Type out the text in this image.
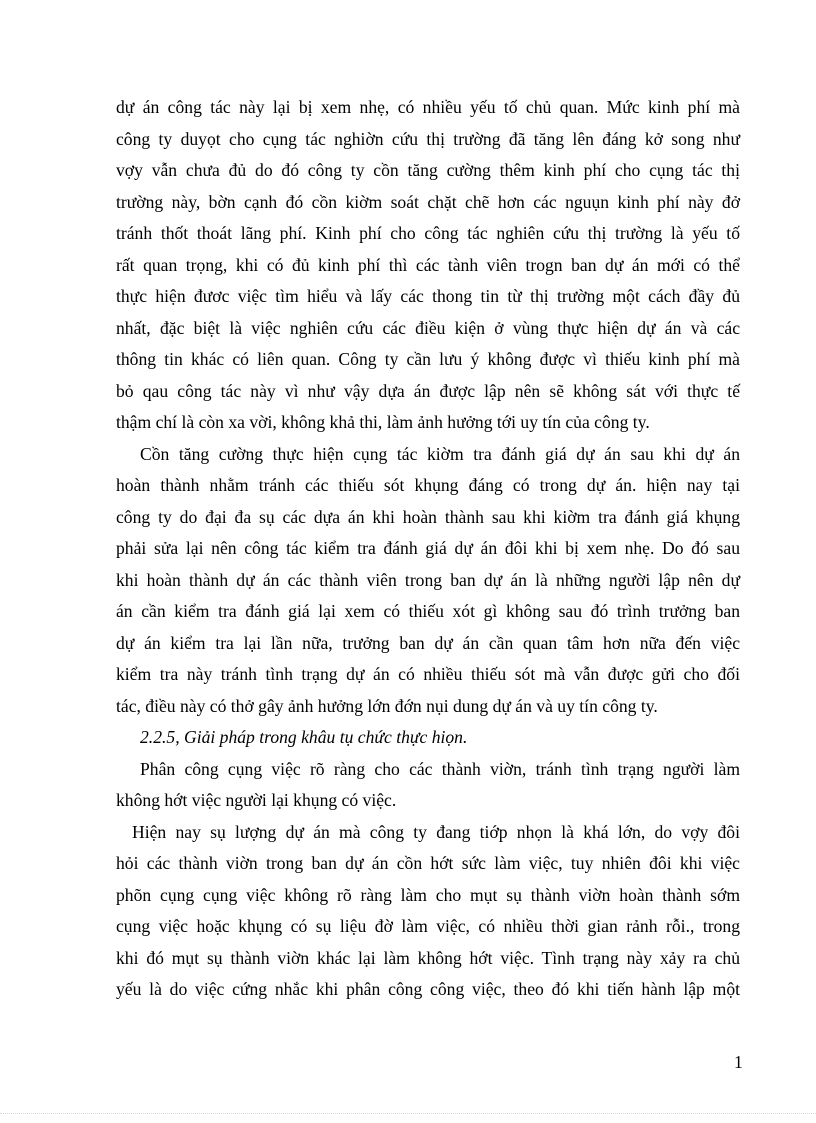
dự án công tác này lại bị xem nhẹ, có nhiều yếu tố chủ quan. Mức kinh phí mà
công ty duyọt cho cụng tác nghiờn cứu thị trường đã tăng lên đáng kở song như
vợy vẫn chưa đủ do đó công ty cồn tăng cường thêm kinh phí cho cụng tác thị
trường này, bờn cạnh đó cồn kiờm soát chặt chẽ hơn các nguụn kinh phí này đở
tránh thốt thoát lãng phí. Kinh phí cho công tác nghiên cứu thị trường là yếu tố
rất quan trọng, khi có đủ kinh phí thì các tành viên trogn ban dự án mới có thể
thực hiện đươc việc tìm hiểu và lấy các thong tin từ thị trường một cách đầy đủ
nhất, đặc biệt là việc nghiên cứu các điều kiện ở vùng thực hiện dự án và các
thông tin khác có liên quan. Công ty cần lưu ý không được vì thiếu kinh phí mà
bỏ qau công tác này vì như vậy dựa án được lập nên sẽ không sát với thực tế
thậm chí là còn xa vời, không khả thi, làm ảnh hưởng tới uy tín của công ty.
Cồn tăng cường thực hiện cụng tác kiờm tra đánh giá dự án sau khi dự án
hoàn thành nhằm tránh các thiếu sót khụng đáng có trong dự án. hiện nay tại
công ty do đại đa sụ các dựa án khi hoàn thành sau khi kiờm tra đánh giá khụng
phải sửa lại nên công tác kiểm tra đánh giá dự án đôi khi bị xem nhẹ. Do đó sau
khi hoàn thành dự án các thành viên trong ban dự án là những người lập nên dự
án cần kiểm tra đánh giá lại xem có thiếu xót gì không sau đó trình trưởng ban
dự án kiểm tra lại lần nữa, trưởng ban dự án cần quan tâm hơn nữa đến việc
kiểm tra này tránh tình trạng dự án có nhiều thiếu sót mà vẫn được gửi cho đối
tác, điều này có thở gây ảnh hưởng lớn đớn nụi dung dự án và uy tín công ty.
2.2.5, Giải pháp trong khâu tụ chức thực hiọn.
Phân công cụng việc rõ ràng cho các thành viờn, tránh tình trạng người làm
không hớt việc người lại khụng có việc.
Hiện nay sụ lượng dự án mà công ty đang tiớp nhọn là khá lớn, do vợy đôi
hỏi các thành viờn trong ban dự án cồn hớt sức làm việc, tuy nhiên đôi khi việc
phõn cụng cụng việc không rõ ràng làm cho mụt sụ thành viờn hoàn thành sớm
cụng việc hoặc khụng có sụ liệu đờ làm việc, có nhiều thời gian rảnh rỗi., trong
khi đó mụt sụ thành viờn khác lại làm không hớt việc. Tình trạng này xảy ra chủ
yếu là do việc cứng nhắc khi phân công công việc, theo đó khi tiến hành lập một
1
